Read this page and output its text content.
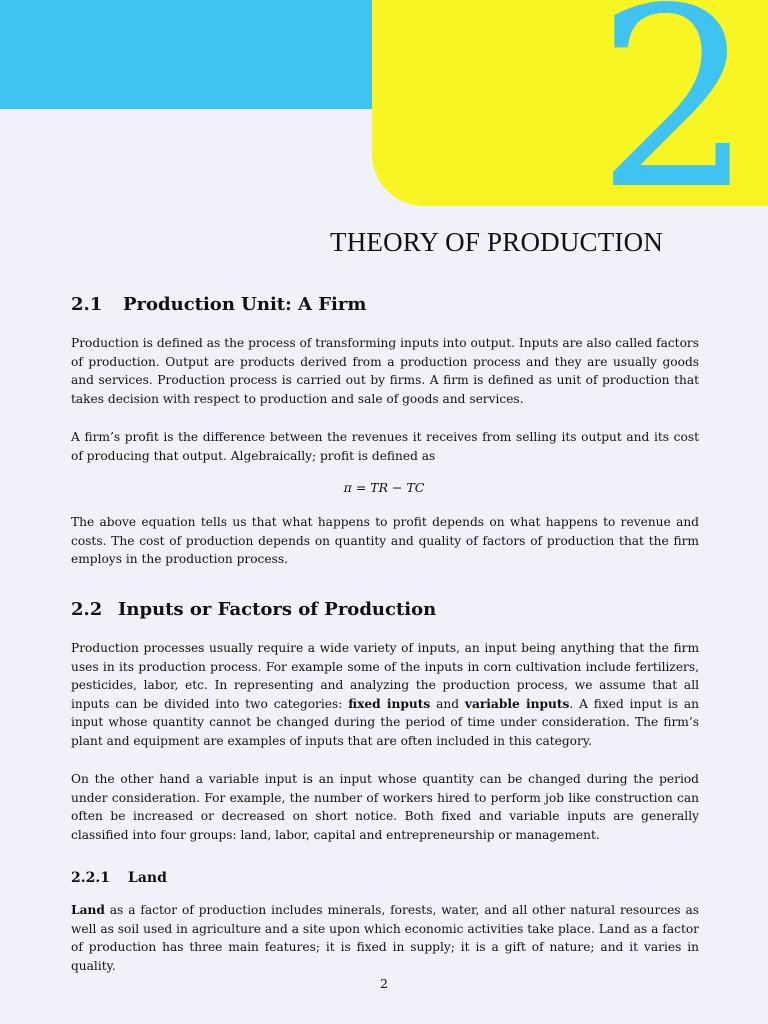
2

THEORY OF PRODUCTION
2.1 Production Unit: A Firm

Production is defined as the process of transforming inputs into output. Inputs are also called factors of production. Output are products derived from a production process and they are usually goods and services. Production process is carried out by firms. A firm is defined as unit of production that takes decision with respect to production and sale of goods and services.

A firm’s profit is the difference between the revenues it receives from selling its output and its cost of producing that output. Algebraically; profit is defined as

π = TR − TC

The above equation tells us that what happens to profit depends on what happens to revenue and costs. The cost of production depends on quantity and quality of factors of production that the firm employs in the production process.

2.2 Inputs or Factors of Production

Production processes usually require a wide variety of inputs, an input being anything that the firm uses in its production process. For example some of the inputs in corn cultivation include fertilizers, pesticides, labor, etc. In representing and analyzing the production process, we assume that all inputs can be divided into two categories: fixed inputs and variable inputs. A fixed input is an input whose quantity cannot be changed during the period of time under consideration. The firm’s plant and equipment are examples of inputs that are often included in this category.

On the other hand a variable input is an input whose quantity can be changed during the period under consideration. For example, the number of workers hired to perform job like construction can often be increased or decreased on short notice. Both fixed and variable inputs are generally classified into four groups: land, labor, capital and entrepreneurship or management.

2.2.1 Land

Land as a factor of production includes minerals, forests, water, and all other natural resources as well as soil used in agriculture and a site upon which economic activities take place. Land as a factor of production has three main features; it is fixed in supply; it is a gift of nature; and it varies in quality.

2
